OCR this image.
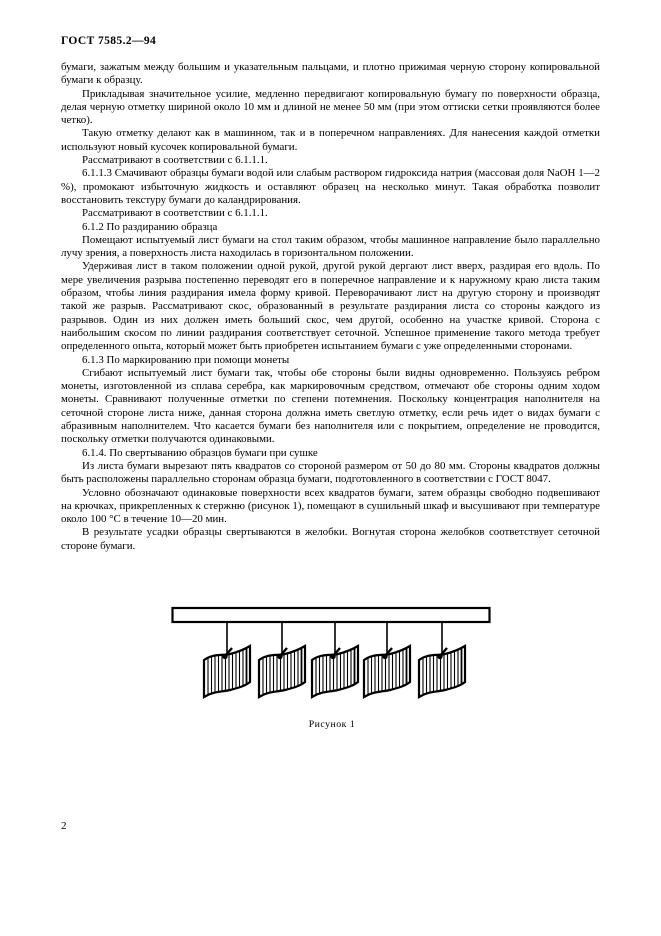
ГОСТ 7585.2—94

бумаги, зажатым между большим и указательным пальцами, и плотно прижимая черную сторону копировальной бумаги к образцу.

Прикладывая значительное усилие, медленно передвигают копировальную бумагу по поверхности образца, делая черную отметку шириной около 10 мм и длиной не менее 50 мм (при этом оттиски сетки проявляются более четко).

Такую отметку делают как в машинном, так и в поперечном направлениях. Для нанесения каждой отметки используют новый кусочек копировальной бумаги.

Рассматривают в соответствии с 6.1.1.1.

6.1.1.3 Смачивают образцы бумаги водой или слабым раствором гидроксида натрия (массовая доля NaOH 1—2 %), промокают избыточную жидкость и оставляют образец на несколько минут. Такая обработка позволит восстановить текстуру бумаги до каландрирования.

Рассматривают в соответствии с 6.1.1.1.

6.1.2 По раздиранию образца

Помещают испытуемый лист бумаги на стол таким образом, чтобы машинное направление было параллельно лучу зрения, а поверхность листа находилась в горизонтальном положении.

Удерживая лист в таком положении одной рукой, другой рукой дергают лист вверх, раздирая его вдоль. По мере увеличения разрыва постепенно переводят его в поперечное направление и к наружному краю листа таким образом, чтобы линия раздирания имела форму кривой. Переворачивают лист на другую сторону и производят такой же разрыв. Рассматривают скос, образованный в результате раздирания листа со стороны каждого из разрывов. Один из них должен иметь больший скос, чем другой, особенно на участке кривой. Сторона с наибольшим скосом по линии раздирания соответствует сеточной. Успешное применение такого метода требует определенного опыта, который может быть приобретен испытанием бумаги с уже определенными сторонами.

6.1.3 По маркированию при помощи монеты

Сгибают испытуемый лист бумаги так, чтобы обе стороны были видны одновременно. Пользуясь ребром монеты, изготовленной из сплава серебра, как маркировочным средством, отмечают обе стороны одним ходом монеты. Сравнивают полученные отметки по степени потемнения. Поскольку концентрация наполнителя на сеточной стороне листа ниже, данная сторона должна иметь светлую отметку, если речь идет о видах бумаги с абразивным наполнителем. Что касается бумаги без наполнителя или с покрытием, определение не проводится, поскольку отметки получаются одинаковыми.

6.1.4. По свертыванию образцов бумаги при сушке

Из листа бумаги вырезают пять квадратов со стороной размером от 50 до 80 мм. Стороны квадратов должны быть расположены параллельно сторонам образца бумаги, подготовленного в соответствии с ГОСТ 8047.

Условно обозначают одинаковые поверхности всех квадратов бумаги, затем образцы свободно подвешивают на крючках, прикрепленных к стержню (рисунок 1), помещают в сушильный шкаф и высушивают при температуре около 100 °С в течение 10—20 мин.

В результате усадки образцы свертываются в желобки. Вогнутая сторона желобков соответствует сеточной стороне бумаги.

Рисунок 1
2
